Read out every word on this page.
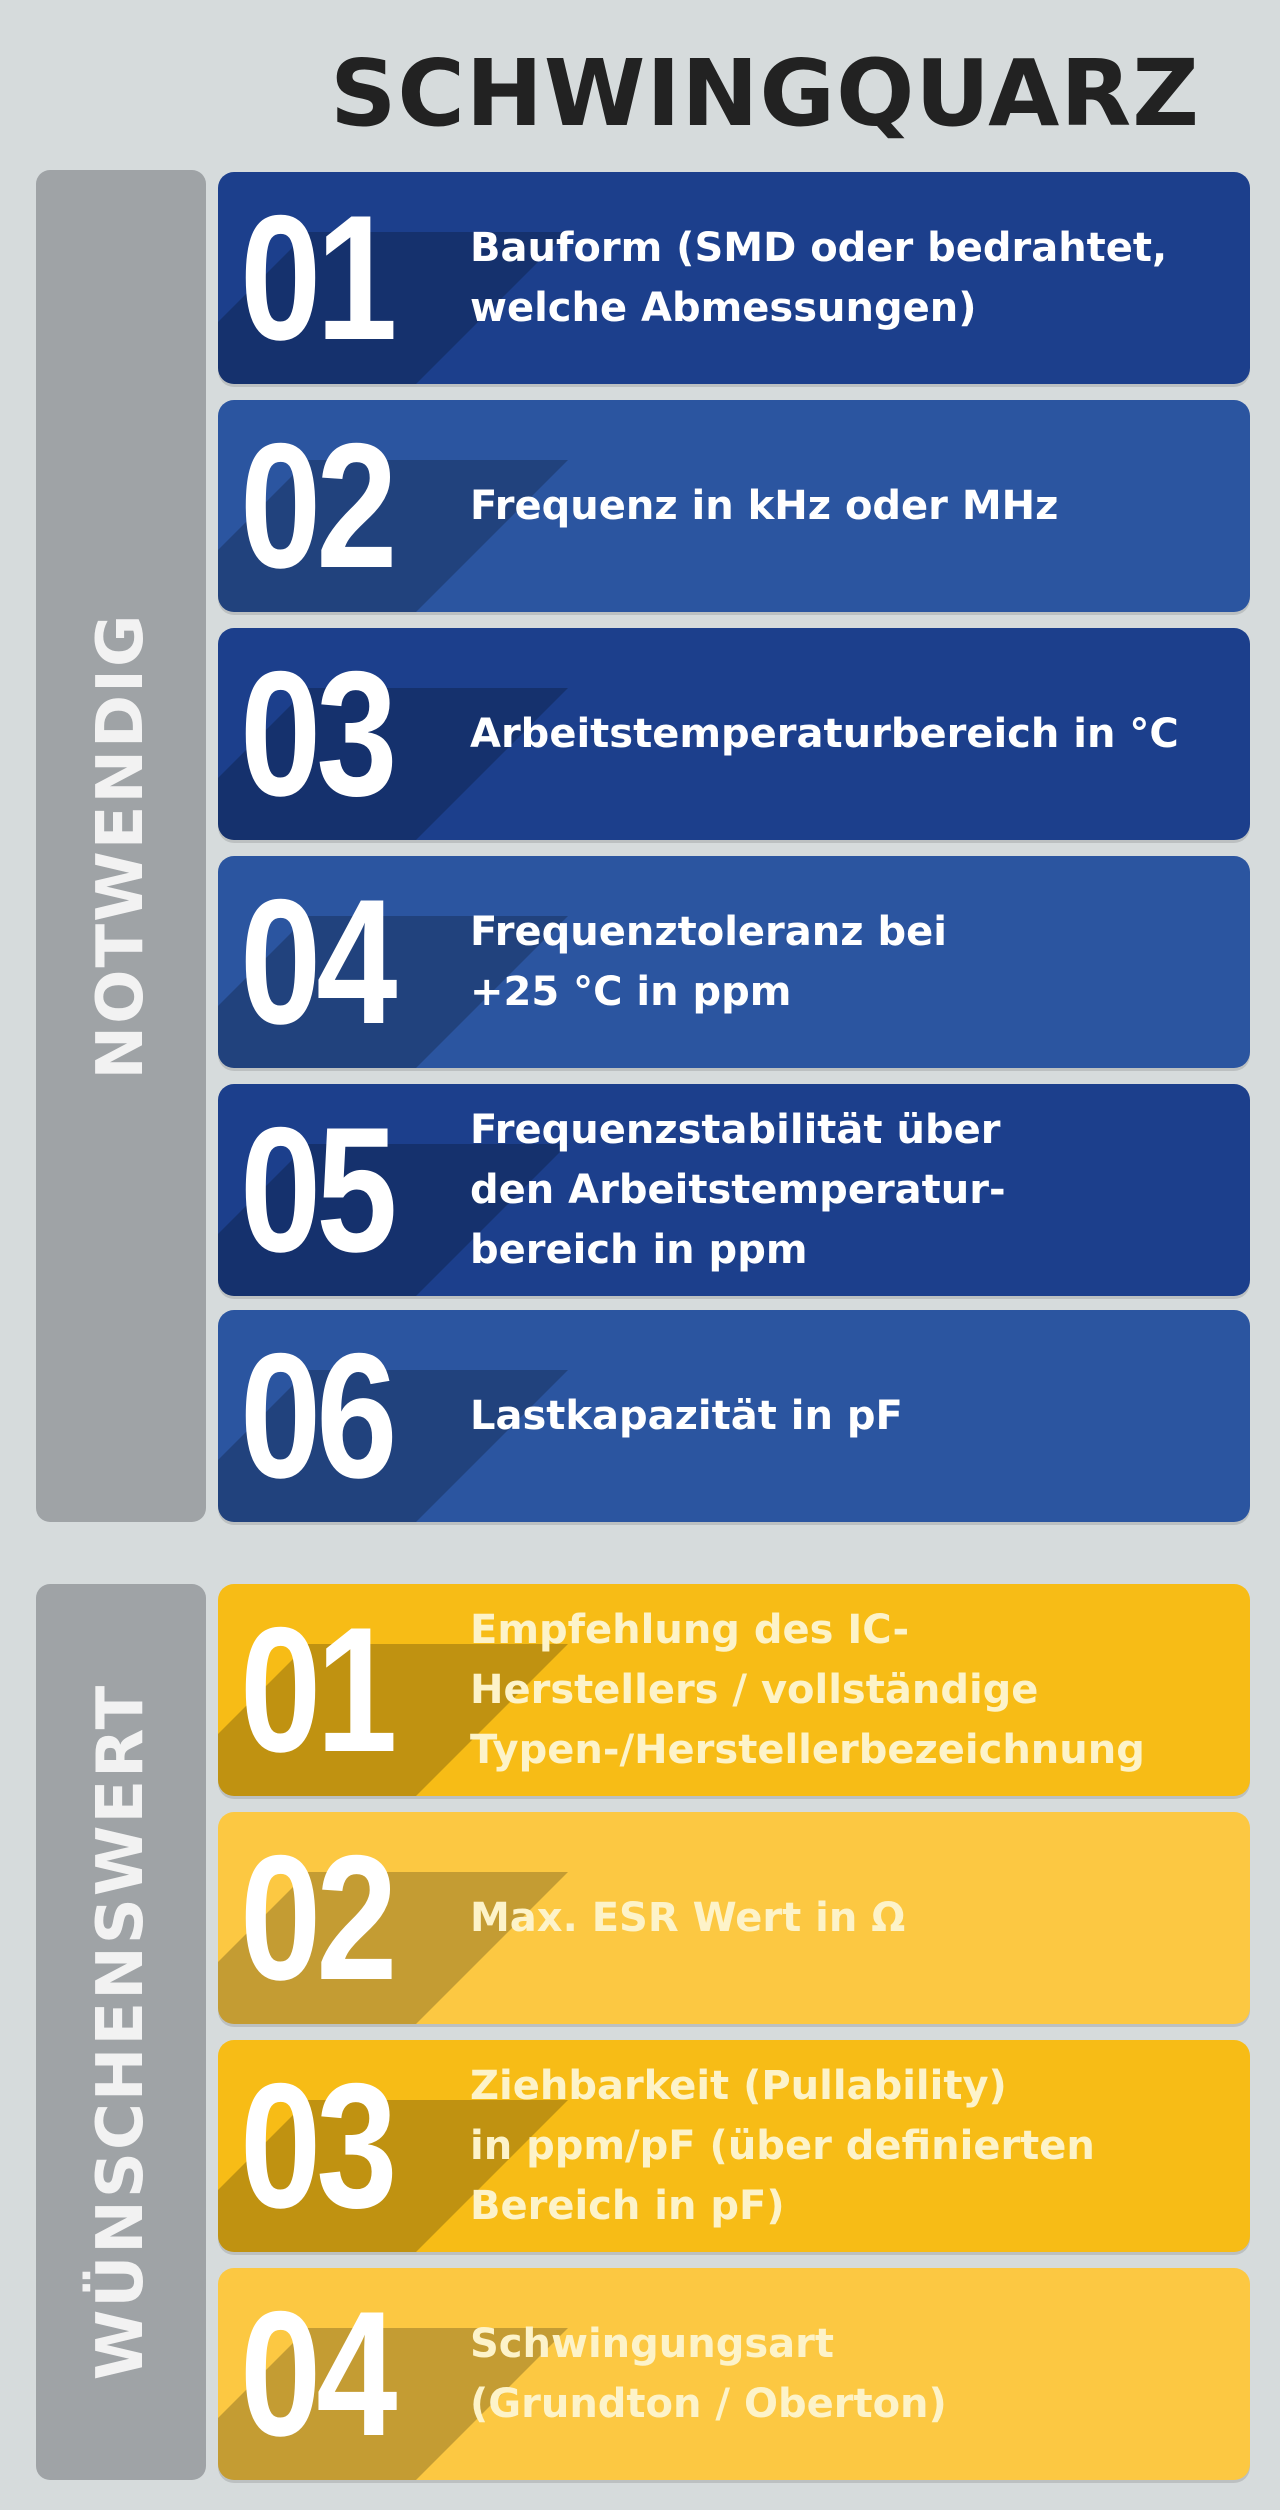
SCHWINGQUARZ
NOTWENDIG
01 Bauform (SMD oder bedrahtet,
welche Abmessungen)
02 Frequenz in kHz oder MHz
03 Arbeitstemperaturbereich in °C
04 Frequenztoleranz bei
+25 °C in ppm
05 Frequenzstabilität über
den Arbeitstemperatur-
bereich in ppm
06 Lastkapazität in pF
WÜNSCHENSWERT 01 Empfehlung des IC-
Herstellers / vollständige
Typen-/Herstellerbezeichnung
02 Max. ESR Wert in Ω
03 Ziehbarkeit (Pullability)
in ppm/pF (über definierten
Bereich in pF)
04 Schwingungsart
(Grundton / Oberton)
